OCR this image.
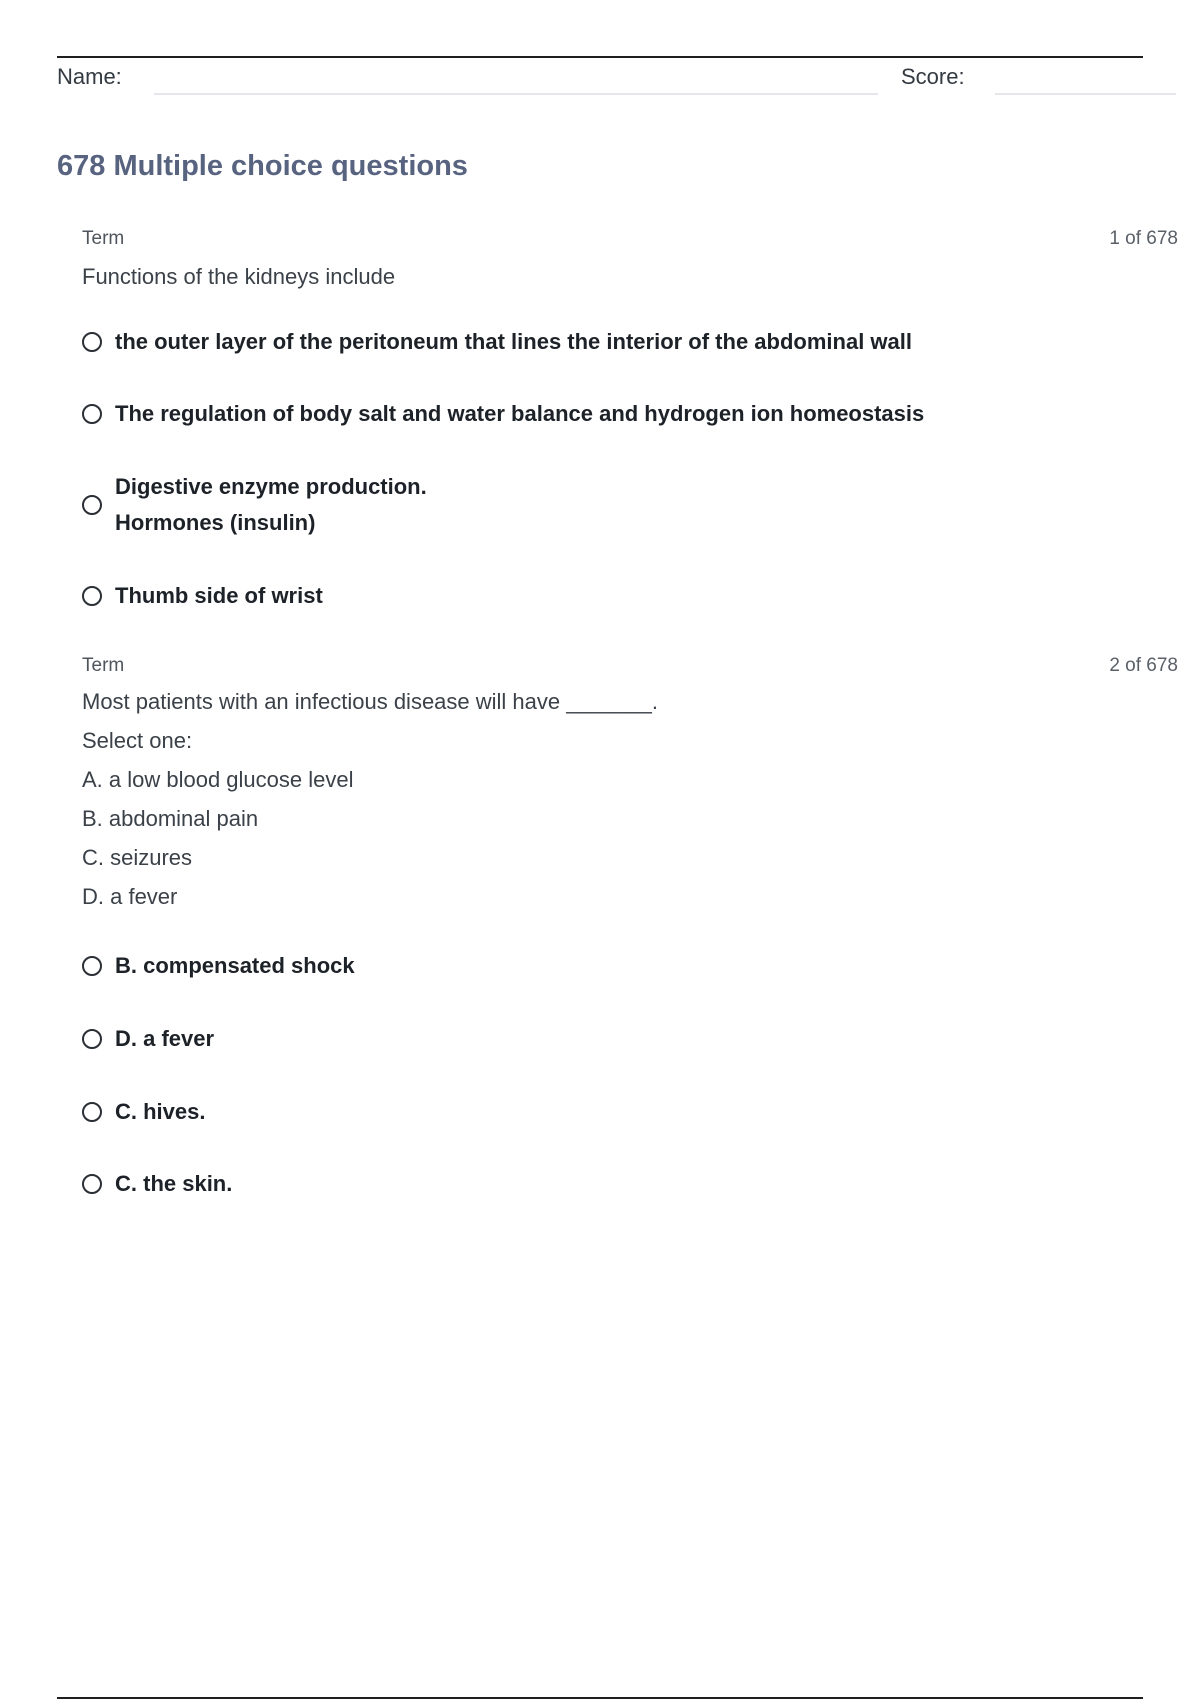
Name:	Score:
678 Multiple choice questions
Term	1 of 678
Functions of the kidneys include
the outer layer of the peritoneum that lines the interior of the abdominal wall
The regulation of body salt and water balance and hydrogen ion homeostasis
Digestive enzyme production.
Hormones (insulin)
Thumb side of wrist
Term	2 of 678
Most patients with an infectious disease will have _______.
Select one:
A. a low blood glucose level
B. abdominal pain
C. seizures
D. a fever
B. compensated shock
D. a fever
C. hives.
C. the skin.
